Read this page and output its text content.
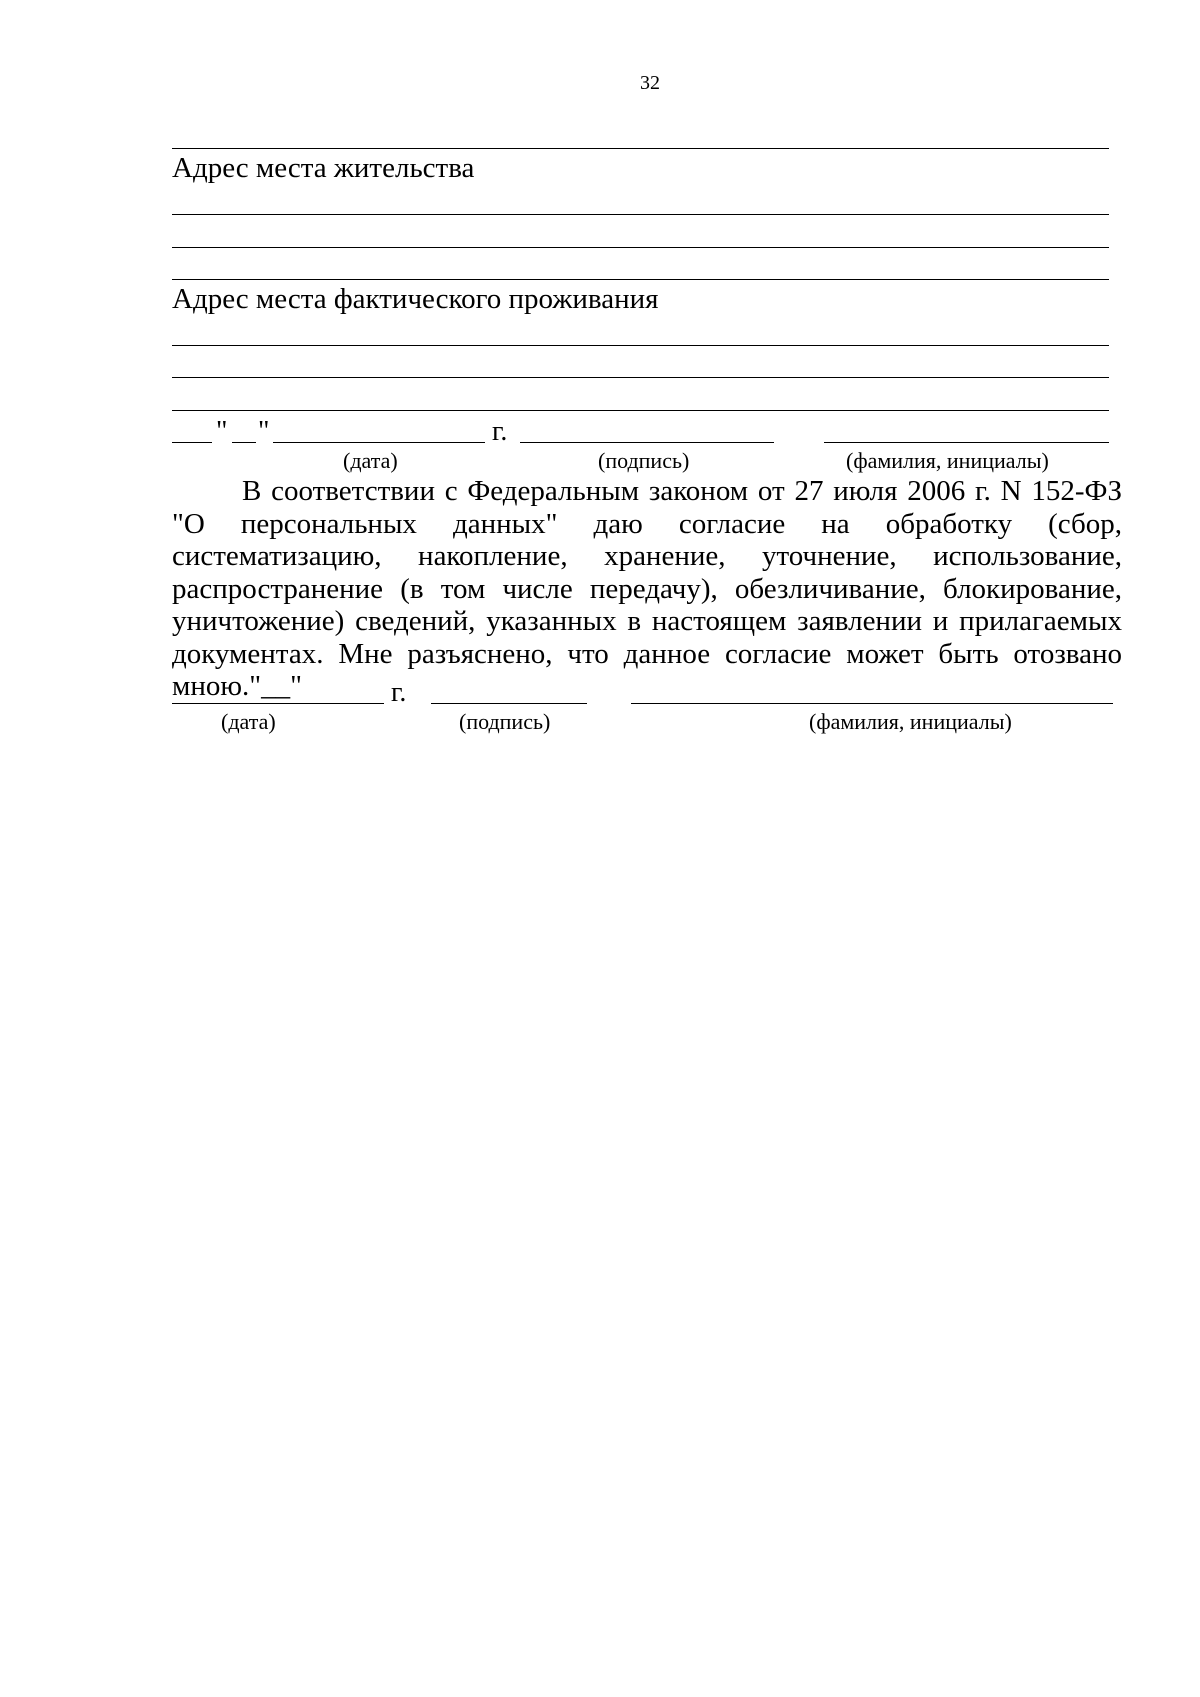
32
Адрес места жительства
Адрес места фактического проживания
" "	г.
(дата)	(подпись)	(фамилия, инициалы)

В соответствии с Федеральным законом от 27 июля 2006 г. N 152-ФЗ "О персональных данных" даю согласие на обработку (сбор, систематизацию, накопление, хранение, уточнение, использование, распространение (в том числе передачу), обезличивание, блокирование, уничтожение) сведений, указанных в настоящем заявлении и прилагаемых документах. Мне разъяснено, что данное согласие может быть отозвано мною."__"	г.
(дата)	(подпись)	(фамилия, инициалы)
